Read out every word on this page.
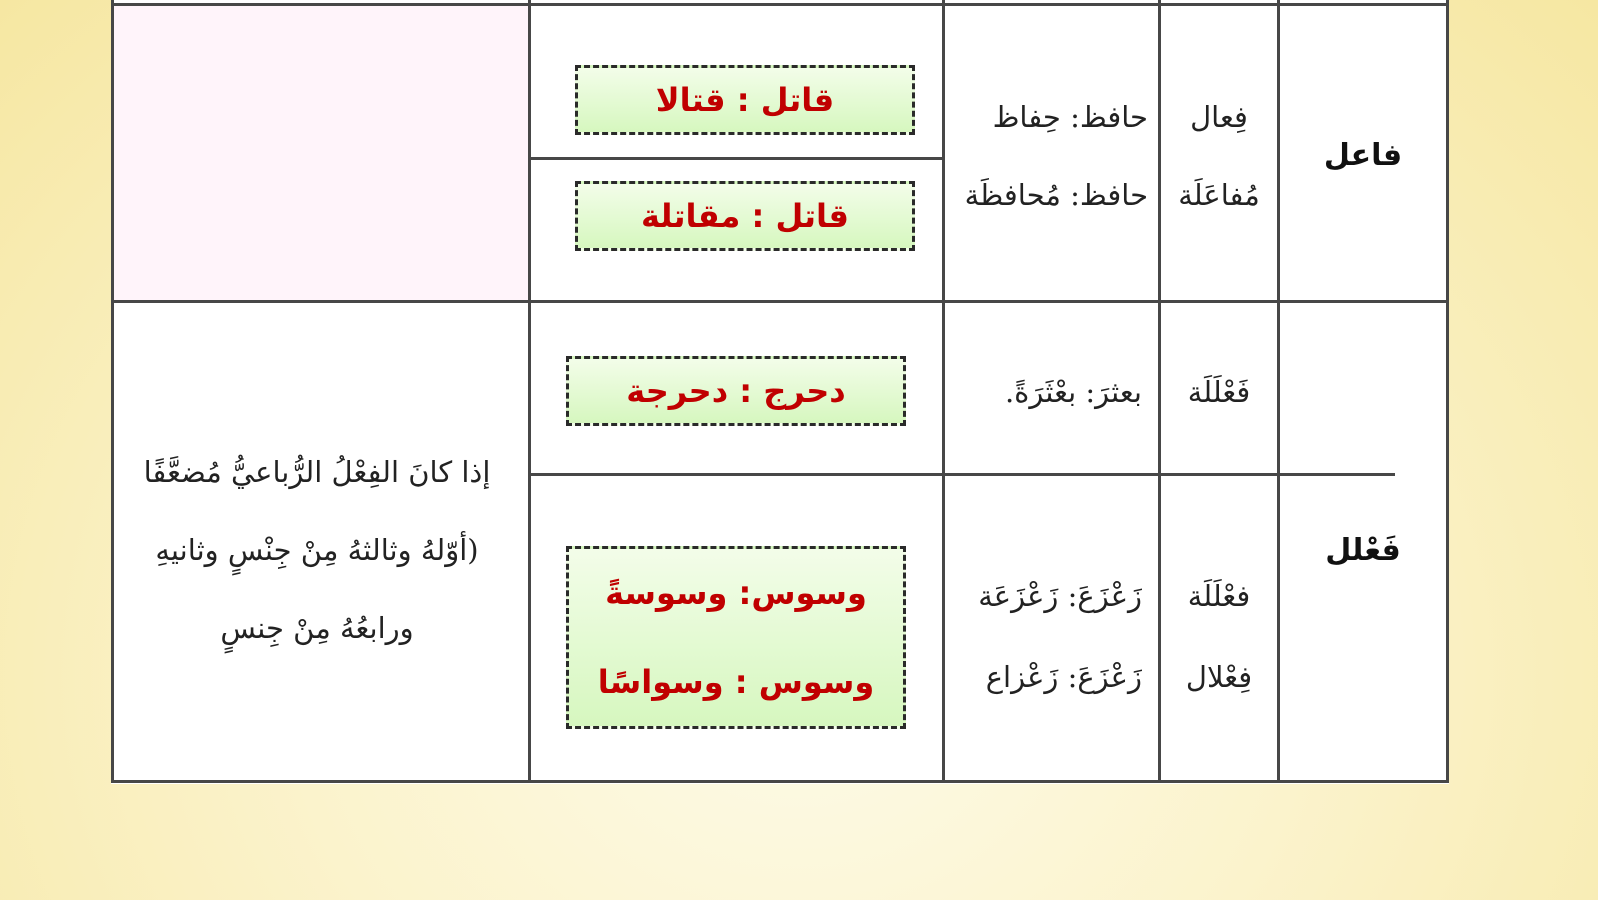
فاعل
فِعال
مُفاعَلَة
حافظ: حِفاظ
حافظ: مُحافظَة
قاتل : قتالا
قاتل : مقاتلة
فَعْلل
فَعْلَلَة
فعْلَلَة
فِعْلال
بعثرَ: بعْثَرَةً.
زَعْزَعَ: زَعْزَعَة
زَعْزَعَ: زَعْزاع
دحرج : دحرجة
وسوس: وسوسةً
وسوس : وسواسًا
إذا كانَ الفِعْلُ الرُّباعيُّ مُضعَّفًا
(أوّلهُ وثالثهُ مِنْ جِنْسٍ وثانيهِ
ورابعُهُ مِنْ جِنسٍ
